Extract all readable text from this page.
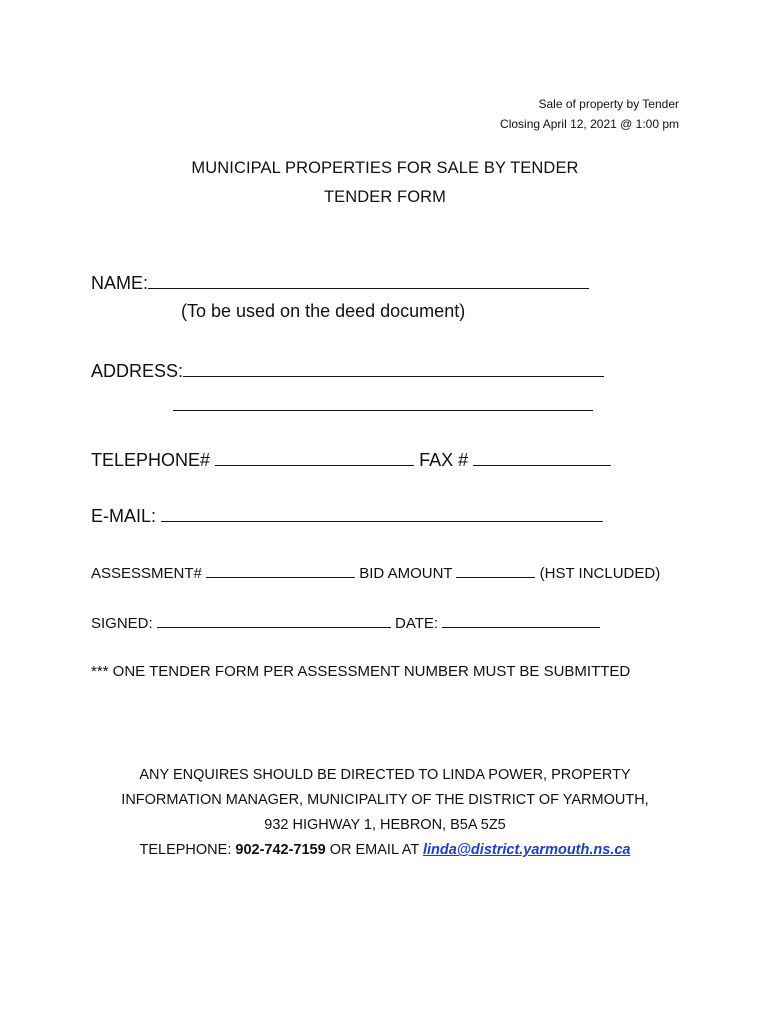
Sale of property by Tender
Closing April 12, 2021 @ 1:00 pm
MUNICIPAL PROPERTIES FOR SALE BY TENDER
TENDER FORM
NAME:
(To be used on the deed document)
ADDRESS:
TELEPHONE#	FAX #
E-MAIL:
ASSESSMENT#	BID AMOUNT	(HST INCLUDED)
SIGNED:	DATE:
*** ONE TENDER FORM PER ASSESSMENT NUMBER MUST BE SUBMITTED
ANY ENQUIRES SHOULD BE DIRECTED TO LINDA POWER, PROPERTY
INFORMATION MANAGER, MUNICIPALITY OF THE DISTRICT OF YARMOUTH,
932 HIGHWAY 1, HEBRON, B5A 5Z5
TELEPHONE: 902-742-7159 OR EMAIL AT linda@district.yarmouth.ns.ca
